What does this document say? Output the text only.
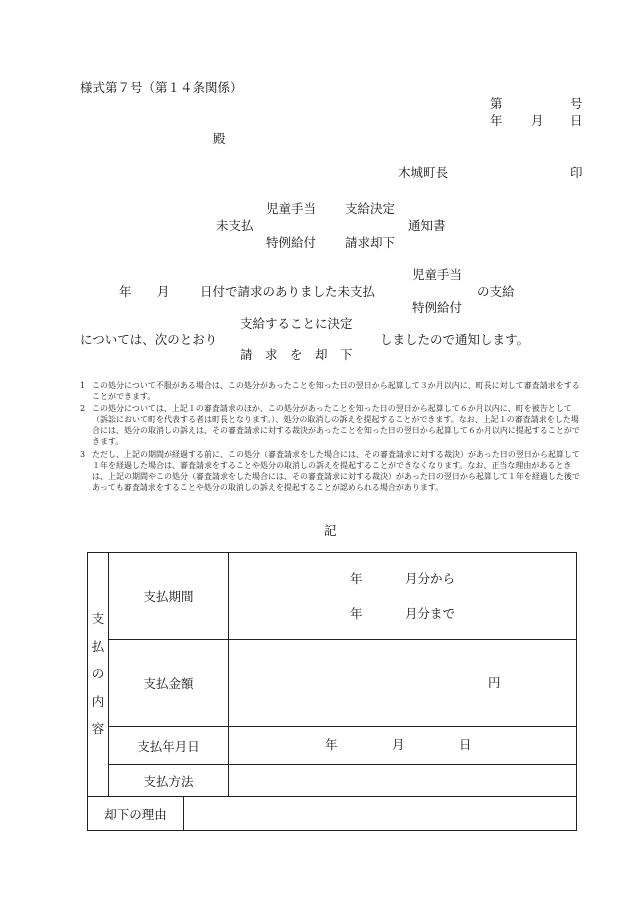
様式第７号（第１４条関係）
第	号
年 月 日
殿
木城町長	印
児童手当 支給決定
未支払	通知書
特例給付 請求却下
児童手当
年 月 日付で請求のありました未支払	の支給
特例給付
支給することに決定
については、次のとおり	しましたので通知します。
請　求　を　却　下
1 この処分について不服がある場合は、この処分があったことを知った日の翌日から起算して３か月以内に、町長に対して審査請求をすることができます。
2 この処分については、上記１の審査請求のほか、この処分があったことを知った日の翌日から起算して６か月以内に、町を被告として（訴訟において町を代表する者は町長となります。）、処分の取消しの訴えを提起することができます。なお、上記１の審査請求をした場合には、処分の取消しの訴えは、その審査請求に対する裁決があったことを知った日の翌日から起算して６か月以内に提起することができます。
3 ただし、上記の期間が経過する前に、この処分（審査請求をした場合には、その審査請求に対する裁決）があった日の翌日から起算して１年を経過した場合は、審査請求をすることや処分の取消しの訴えを提起することができなくなります。なお、正当な理由があるときは、上記の期間やこの処分（審査請求をした場合には、その審査請求に対する裁決）があった日の翌日から起算して１年を経過した後であっても審査請求をすることや処分の取消しの訴えを提起することが認められる場合があります。
記
支
払
の
内
容	支払期間		年 月分から
年 月分まで

	支払金額		円

	支払年月日		年 月 日

	支払方法		
却下の理由			
